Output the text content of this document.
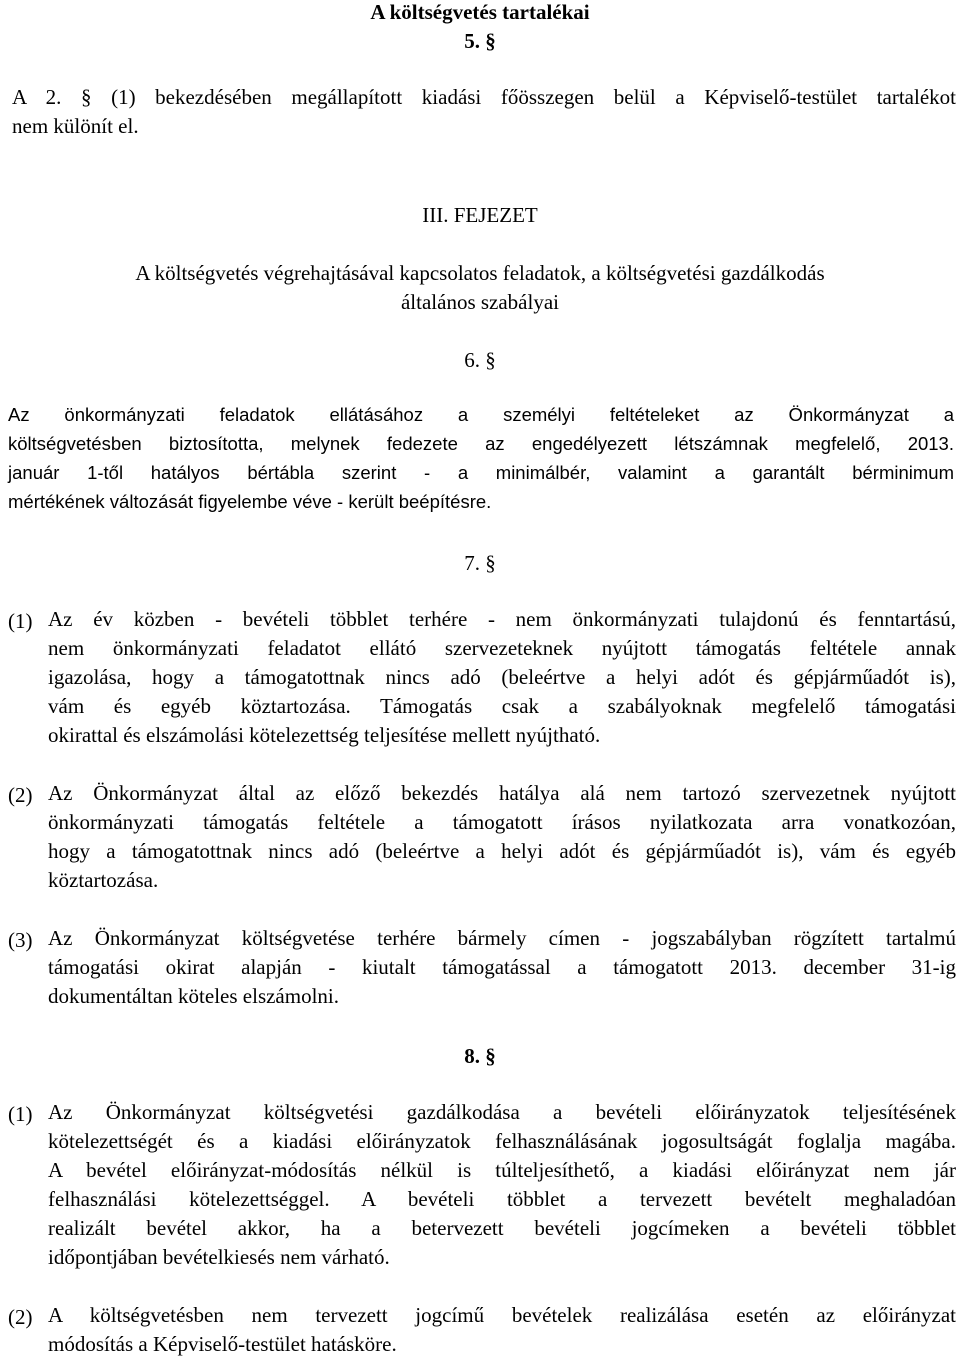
A költségvetés tartalékai
5. §
A 2. § (1) bekezdésében megállapított kiadási főösszegen belül a Képviselő-testület tartalékot
nem különít el.
III. FEJEZET
A költségvetés végrehajtásával kapcsolatos feladatok, a költségvetési gazdálkodás
általános szabályai
6. §
Az önkormányzati feladatok ellátásához a személyi feltételeket az Önkormányzat a
költségvetésben biztosította, melynek fedezete az engedélyezett létszámnak megfelelő, 2013.
január 1-től hatályos bértábla szerint - a minimálbér, valamint a garantált bérminimum
mértékének változását figyelembe véve - került beépítésre.
7. §
(1) Az év közben - bevételi többlet terhére - nem önkormányzati tulajdonú és fenntartású,
nem önkormányzati feladatot ellátó szervezeteknek nyújtott támogatás feltétele annak
igazolása, hogy a támogatottnak nincs adó (beleértve a helyi adót és gépjárműadót is),
vám és egyéb köztartozása. Támogatás csak a szabályoknak megfelelő támogatási
okirattal és elszámolási kötelezettség teljesítése mellett nyújtható.
(2) Az Önkormányzat által az előző bekezdés hatálya alá nem tartozó szervezetnek nyújtott
önkormányzati támogatás feltétele a támogatott írásos nyilatkozata arra vonatkozóan,
hogy a támogatottnak nincs adó (beleértve a helyi adót és gépjárműadót is), vám és egyéb
köztartozása.
(3) Az Önkormányzat költségvetése terhére bármely címen - jogszabályban rögzített tartalmú
támogatási okirat alapján - kiutalt támogatással a támogatott 2013. december 31-ig
dokumentáltan köteles elszámolni.
8. §
(1) Az Önkormányzat költségvetési gazdálkodása a bevételi előirányzatok teljesítésének
kötelezettségét és a kiadási előirányzatok felhasználásának jogosultságát foglalja magába.
A bevétel előirányzat-módosítás nélkül is túlteljesíthető, a kiadási előirányzat nem jár
felhasználási kötelezettséggel. A bevételi többlet a tervezett bevételt meghaladóan
realizált bevétel akkor, ha a betervezett bevételi jogcímeken a bevételi többlet
időpontjában bevételkiesés nem várható.
(2) A költségvetésben nem tervezett jogcímű bevételek realizálása esetén az előirányzat
módosítás a Képviselő-testület hatásköre.
